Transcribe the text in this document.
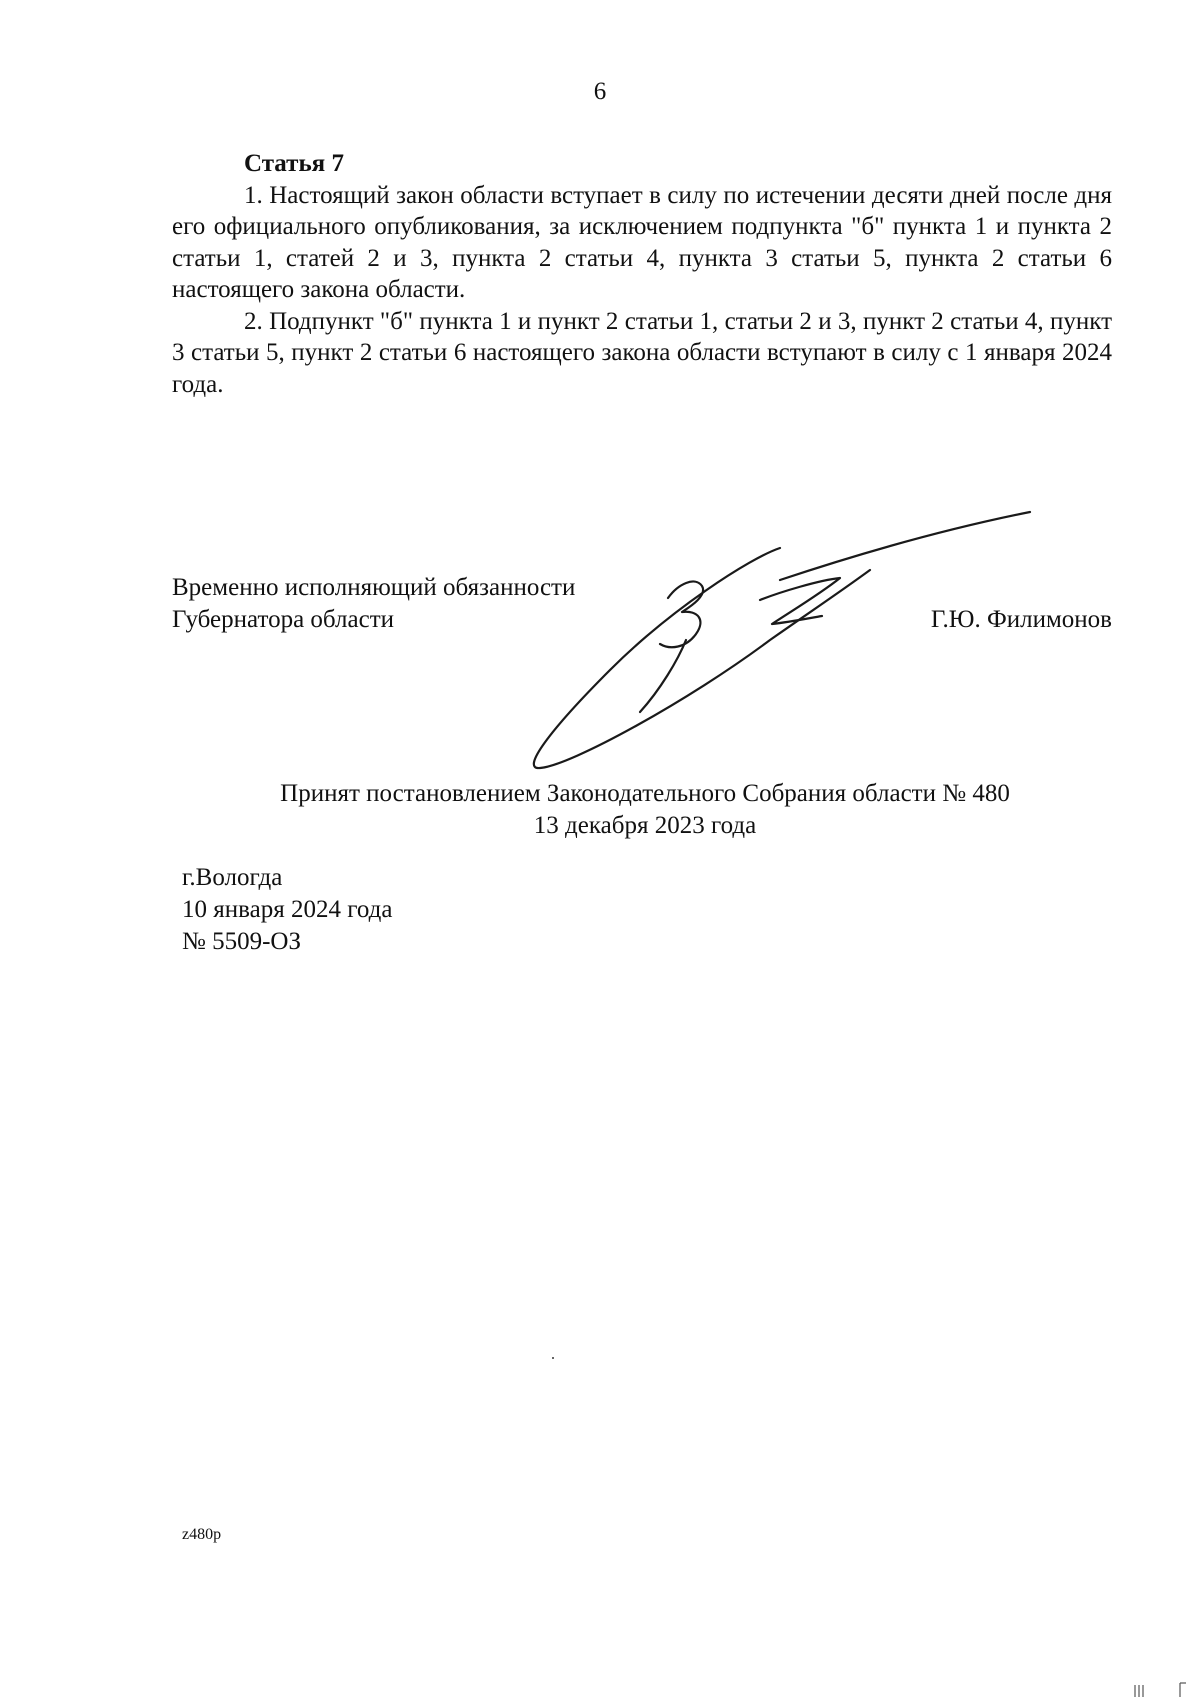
6

Статья 7

1. Настоящий закон области вступает в силу по истечении десяти дней после дня его официального опубликования, за исключением подпункта "б" пункта 1 и пункта 2 статьи 1, статей 2 и 3, пункта 2 статьи 4, пункта 3 статьи 5, пункта 2 статьи 6 настоящего закона области.

2. Подпункт "б" пункта 1 и пункт 2 статьи 1, статьи 2 и 3, пункт 2 статьи 4, пункт 3 статьи 5, пункт 2 статьи 6 настоящего закона области вступают в силу с 1 января 2024 года.

Временно исполняющий обязанности
Губернатора области	Г.Ю. Филимонов
Принят постановлением Законодательного Собрания области № 480
13 декабря 2023 года
г.Вологда
10 января 2024 года
№ 5509-ОЗ
z480p
